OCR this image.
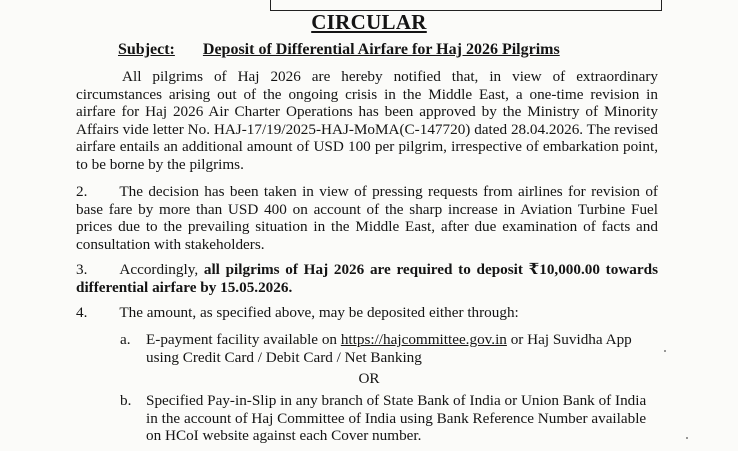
CIRCULAR
Subject: Deposit of Differential Airfare for Haj 2026 Pilgrims

All pilgrims of Haj 2026 are hereby notified that, in view of extraordinary circumstances arising out of the ongoing crisis in the Middle East, a one-time revision in airfare for Haj 2026 Air Charter Operations has been approved by the Ministry of Minority Affairs vide letter No. HAJ-17/19/2025-HAJ-MoMA(C-147720) dated 28.04.2026. The revised airfare entails an additional amount of USD 100 per pilgrim, irrespective of embarkation point, to be borne by the pilgrims.

2. The decision has been taken in view of pressing requests from airlines for revision of base fare by more than USD 400 on account of the sharp increase in Aviation Turbine Fuel prices due to the prevailing situation in the Middle East, after due examination of facts and consultation with stakeholders.

3. Accordingly, all pilgrims of Haj 2026 are required to deposit ₹10,000.00 towards differential airfare by 15.05.2026.

4. The amount, as specified above, may be deposited either through:

a. E-payment facility available on https://hajcommittee.gov.in or Haj Suvidha App using Credit Card / Debit Card / Net Banking
OR
b. Specified Pay-in-Slip in any branch of State Bank of India or Union Bank of India in the account of Haj Committee of India using Bank Reference Number available on HCoI website against each Cover number.
